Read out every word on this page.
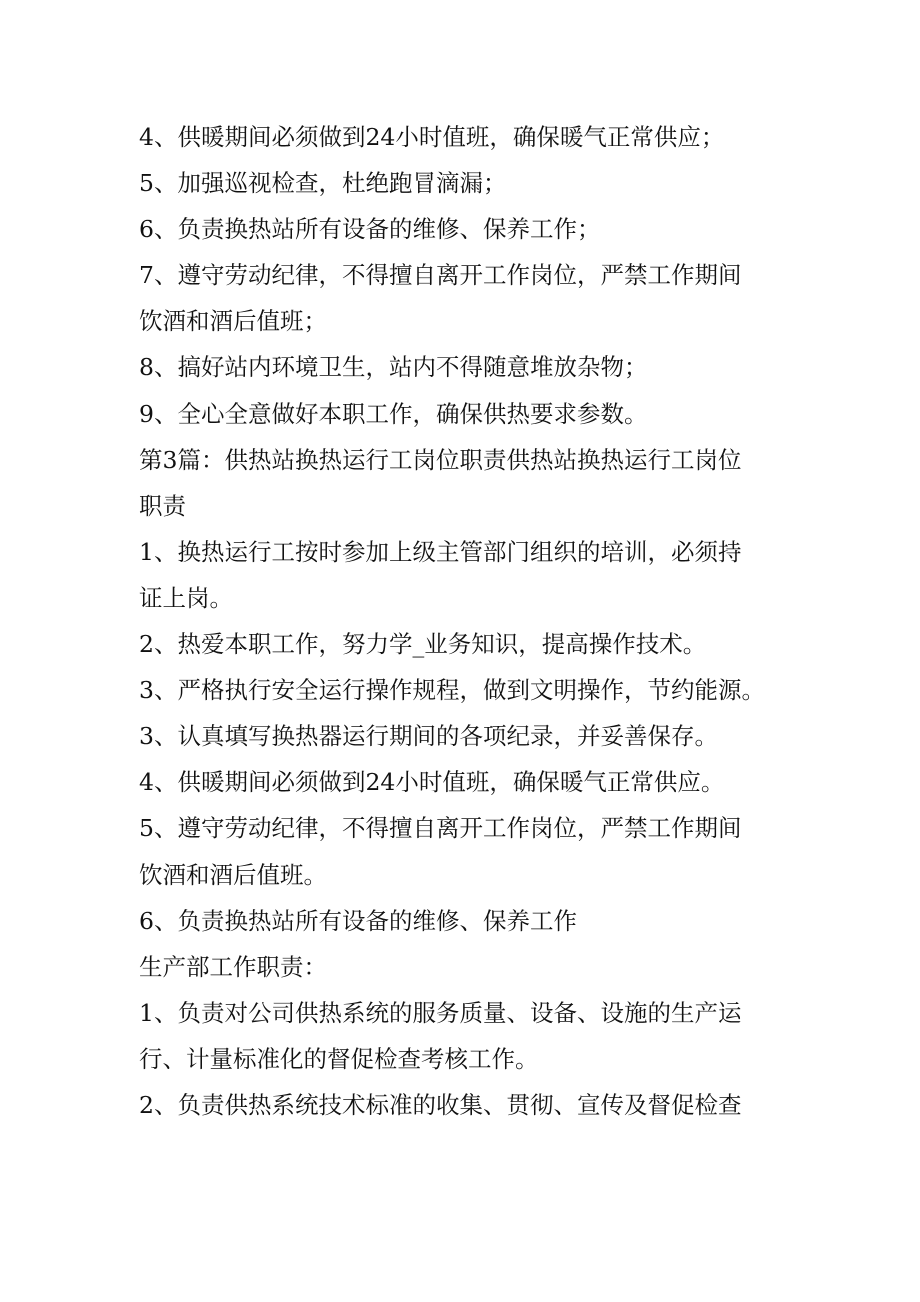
4、供暖期间必须做到24小时值班，确保暖气正常供应；
5、加强巡视检查，杜绝跑冒滴漏；
6、负责换热站所有设备的维修、保养工作；
7、遵守劳动纪律，不得擅自离开工作岗位，严禁工作期间
饮酒和酒后值班；
8、搞好站内环境卫生，站内不得随意堆放杂物；
9、全心全意做好本职工作，确保供热要求参数。
第3篇：供热站换热运行工岗位职责供热站换热运行工岗位
职责
1、换热运行工按时参加上级主管部门组织的培训，必须持
证上岗。
2、热爱本职工作，努力学_业务知识，提高操作技术。
3、严格执行安全运行操作规程，做到文明操作，节约能源。
3、认真填写换热器运行期间的各项纪录，并妥善保存。
4、供暖期间必须做到24小时值班，确保暖气正常供应。
5、遵守劳动纪律，不得擅自离开工作岗位，严禁工作期间
饮酒和酒后值班。
6、负责换热站所有设备的维修、保养工作
生产部工作职责：
1、负责对公司供热系统的服务质量、设备、设施的生产运
行、计量标准化的督促检查考核工作。
2、负责供热系统技术标准的收集、贯彻、宣传及督促检查
